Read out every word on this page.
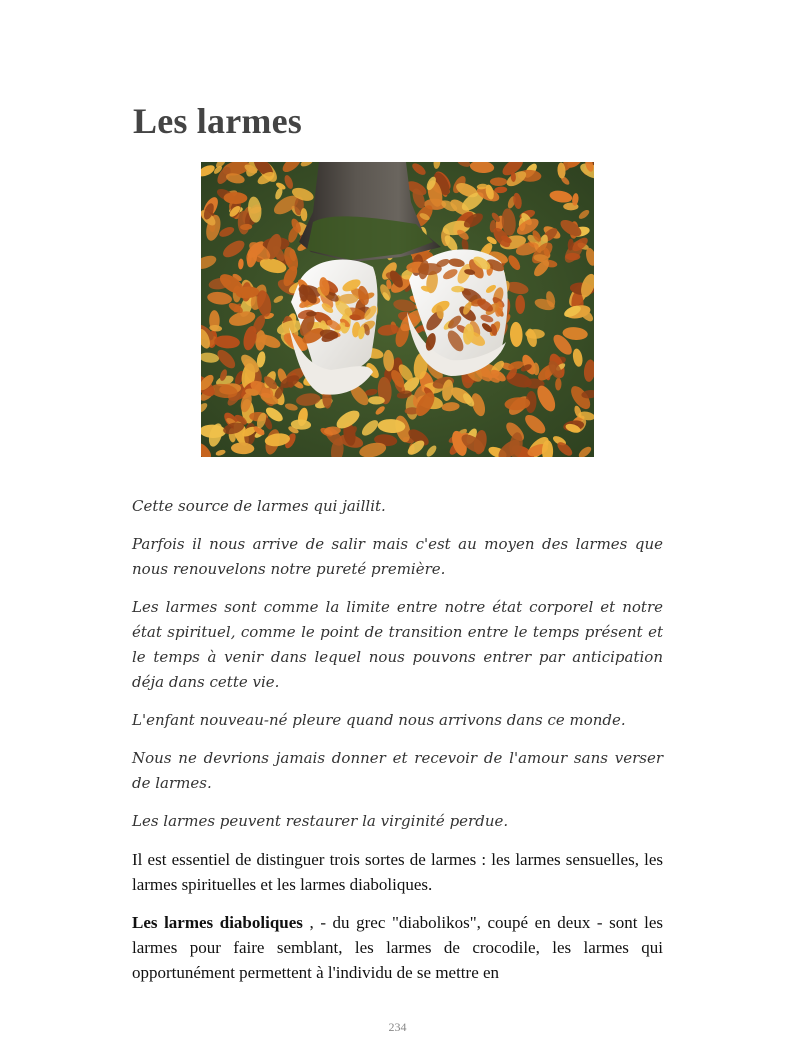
Les larmes

Cette source de larmes qui jaillit.

Parfois il nous arrive de salir mais c'est au moyen des larmes que nous renouvelons notre pureté première.

Les larmes sont comme la limite entre notre état corporel et notre état spirituel, comme le point de transition entre le temps présent et le temps à venir dans lequel nous pouvons entrer par anticipation déja dans cette vie.

L'enfant nouveau-né pleure quand nous arrivons dans ce monde.

Nous ne devrions jamais donner et recevoir de l'amour sans verser de larmes.

Les larmes peuvent restaurer la virginité perdue.

Il est essentiel de distinguer trois sortes de larmes : les larmes sensuelles, les larmes spirituelles et les larmes diaboliques.

Les larmes diaboliques , - du grec "diabolikos", coupé en deux - sont les larmes pour faire semblant, les larmes de crocodile, les larmes qui opportunément permettent à l'individu de se mettre en

234
